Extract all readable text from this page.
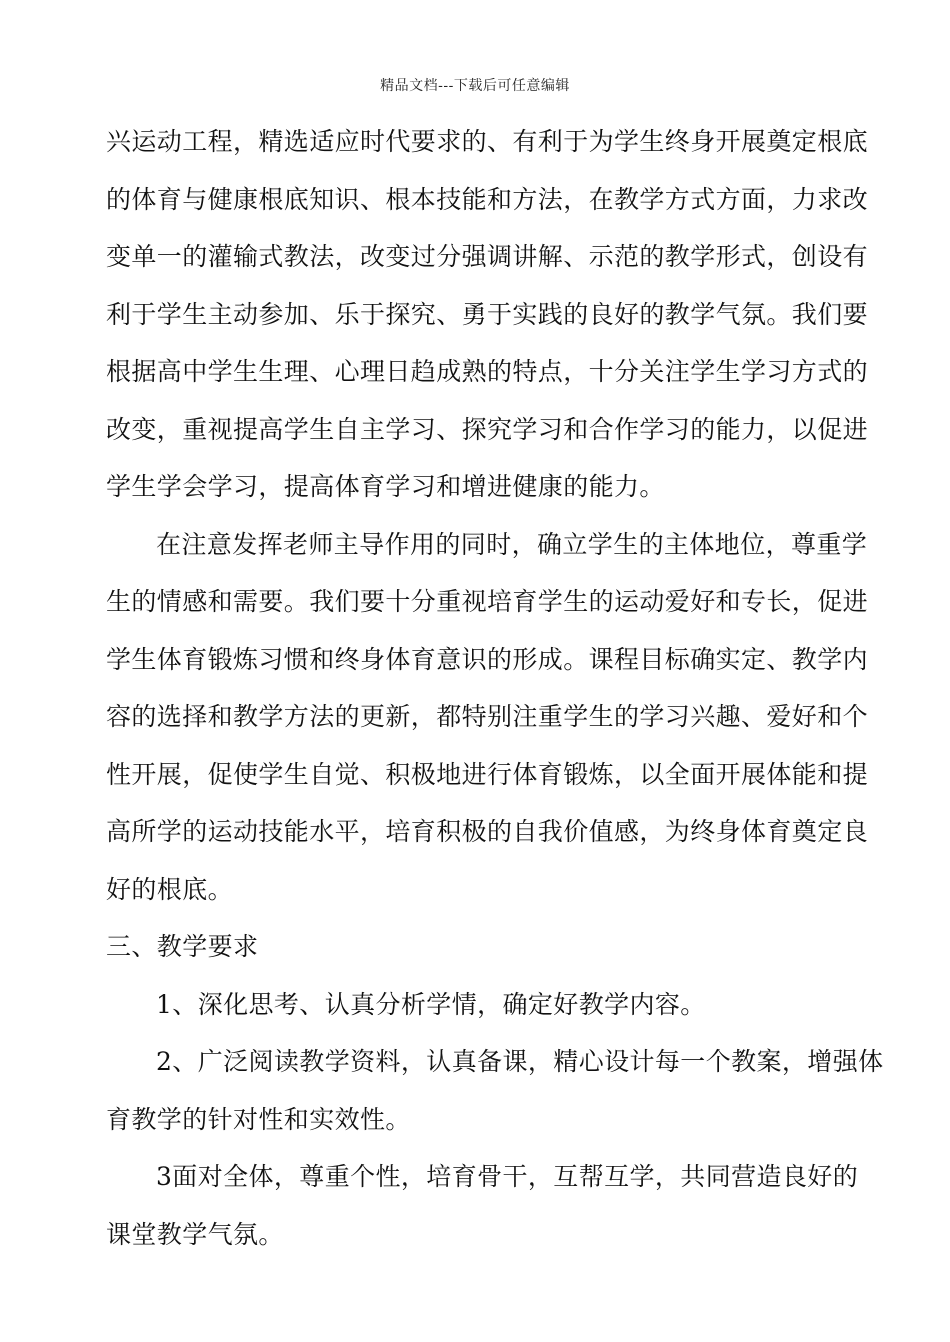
精品文档---下载后可任意编辑

兴运动工程，精选适应时代要求的、有利于为学生终身开展奠定根底

的体育与健康根底知识、根本技能和方法，在教学方式方面，力求改

变单一的灌输式教法，改变过分强调讲解、示范的教学形式，创设有

利于学生主动参加、乐于探究、勇于实践的良好的教学气氛。我们要

根据高中学生生理、心理日趋成熟的特点，十分关注学生学习方式的

改变，重视提高学生自主学习、探究学习和合作学习的能力，以促进

学生学会学习，提高体育学习和增进健康的能力。

在注意发挥老师主导作用的同时，确立学生的主体地位，尊重学

生的情感和需要。我们要十分重视培育学生的运动爱好和专长，促进

学生体育锻炼习惯和终身体育意识的形成。课程目标确实定、教学内

容的选择和教学方法的更新，都特别注重学生的学习兴趣、爱好和个

性开展，促使学生自觉、积极地进行体育锻炼，以全面开展体能和提

高所学的运动技能水平，培育积极的自我价值感，为终身体育奠定良

好的根底。

三、教学要求

1、深化思考、认真分析学情，确定好教学内容。

2、广泛阅读教学资料，认真备课，精心设计每一个教案，增强体

育教学的针对性和实效性。

3面对全体，尊重个性，培育骨干，互帮互学，共同营造良好的

课堂教学气氛。
